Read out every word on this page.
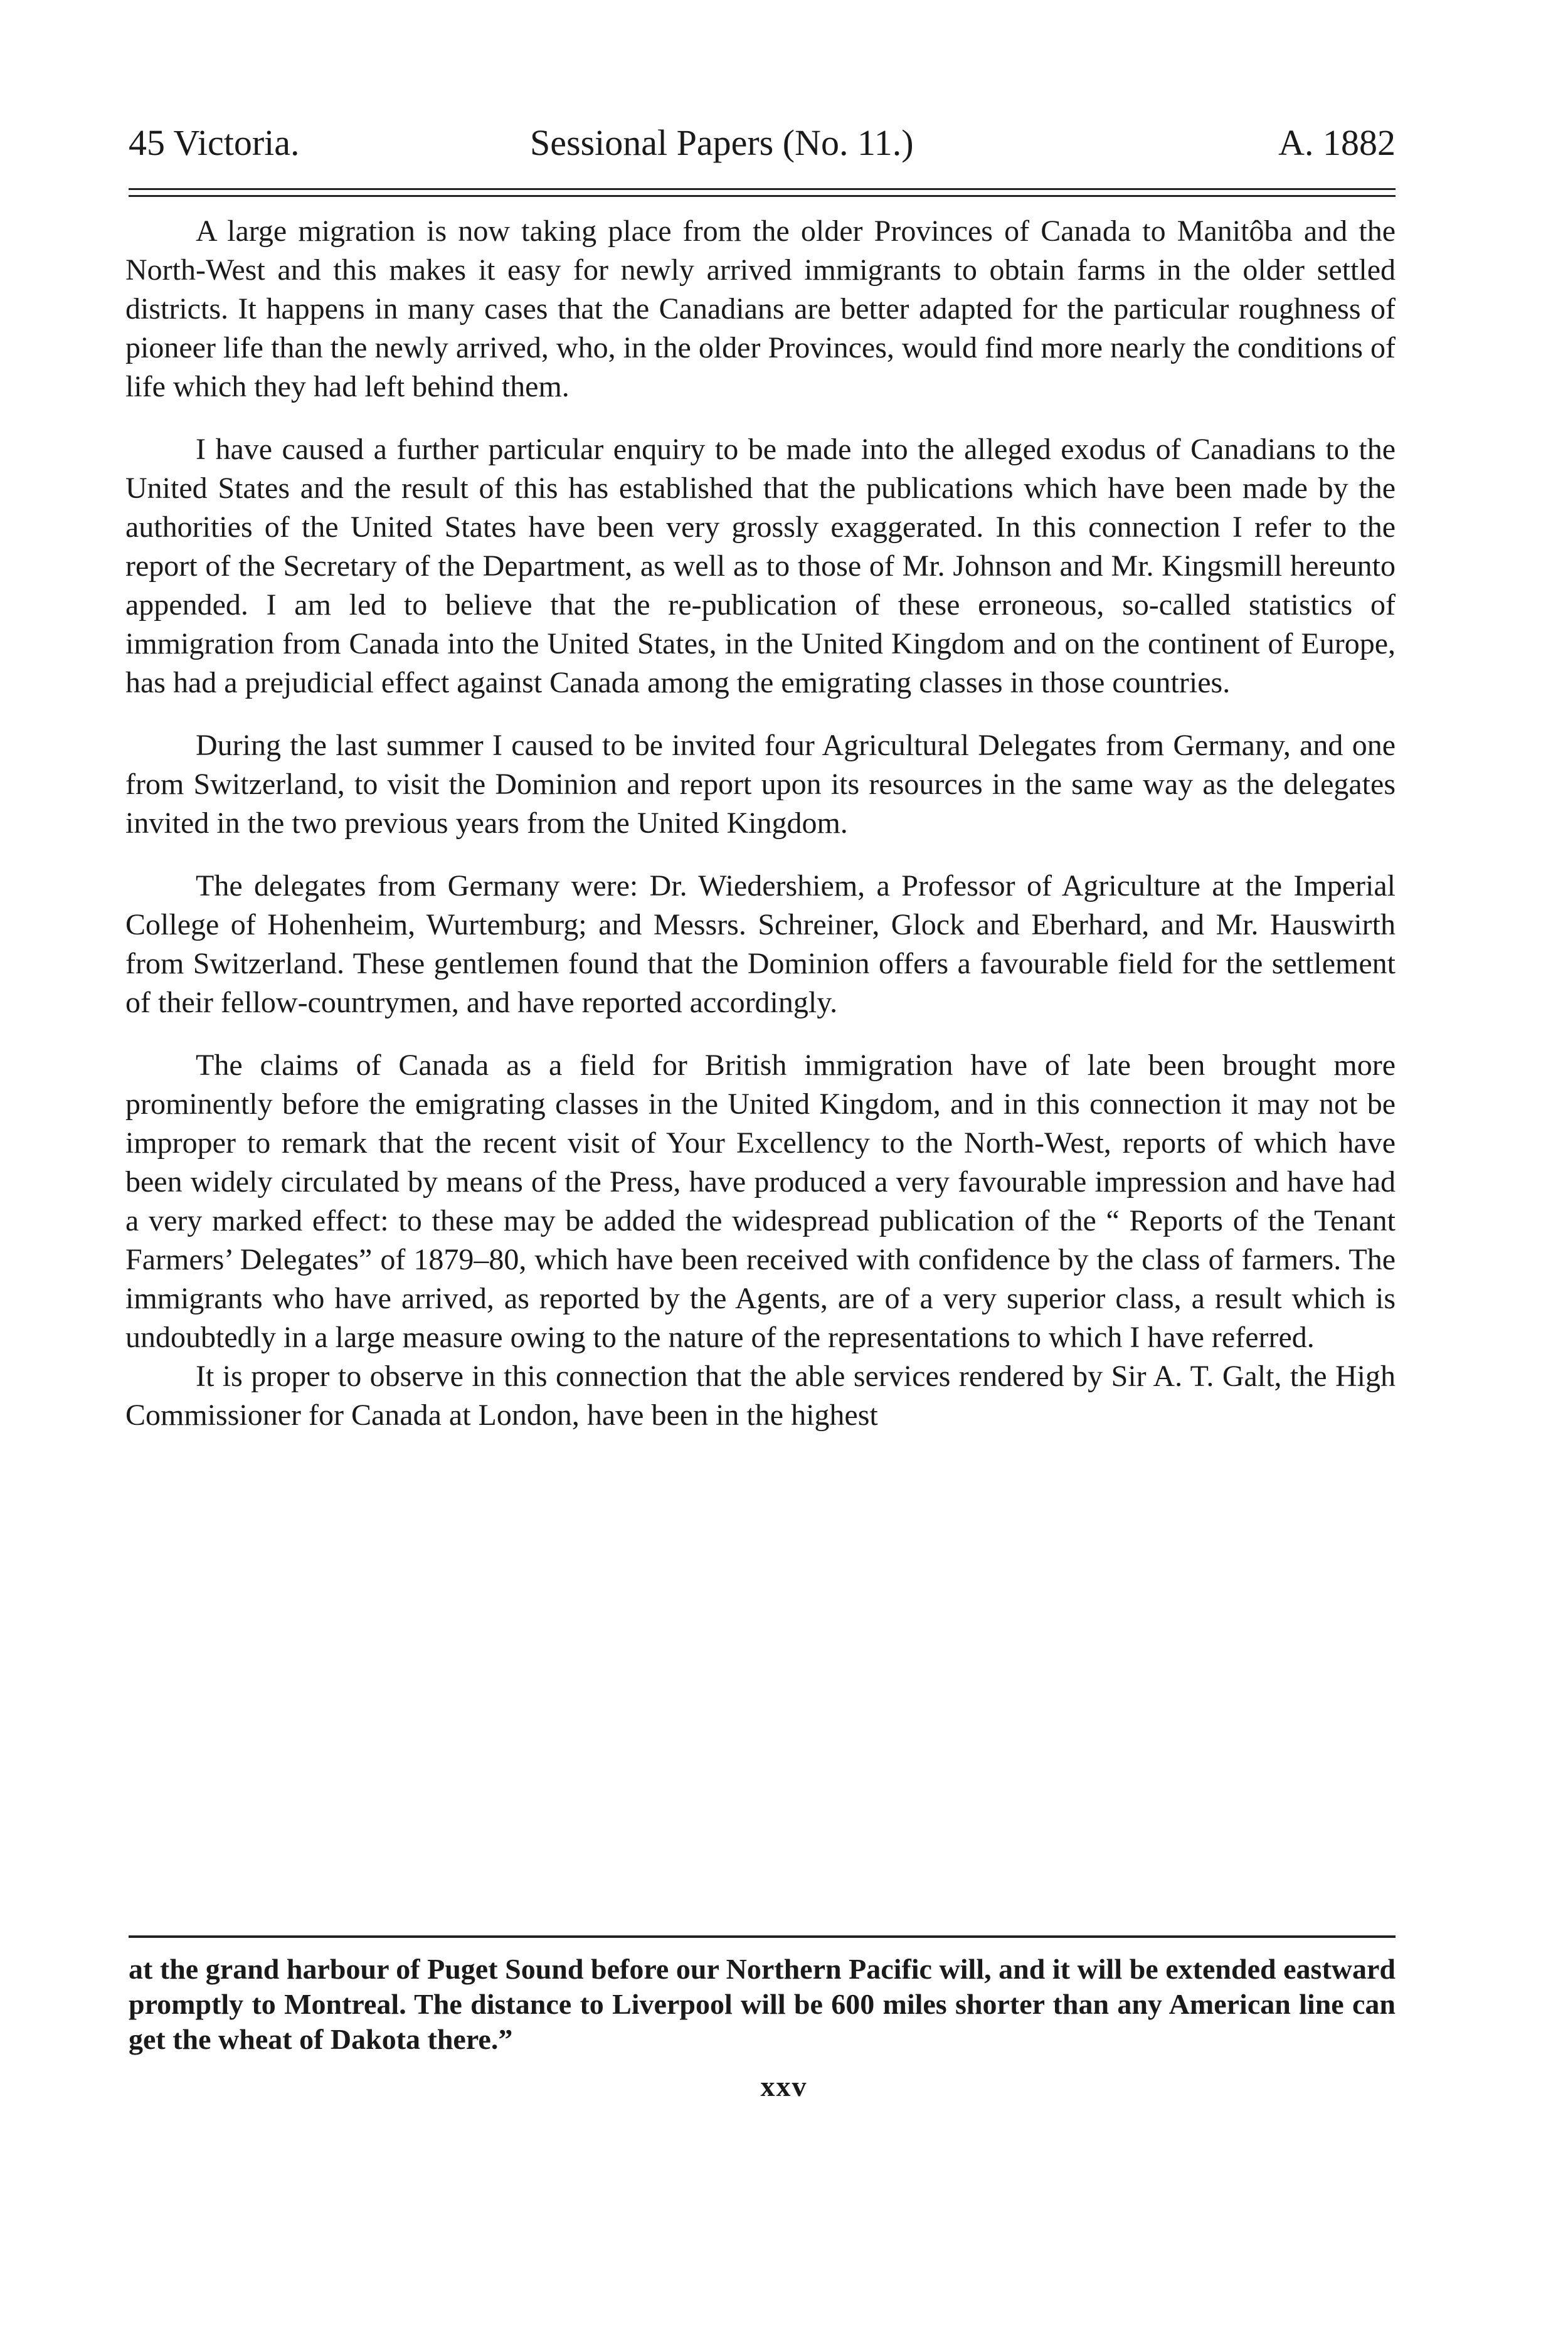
45 Victoria.	Sessional Papers (No. 11.)	A. 1882

A large migration is now taking place from the older Provinces of Canada to Manitôba and the North-West and this makes it easy for newly arrived immigrants to obtain farms in the older settled districts. It happens in many cases that the Canadians are better adapted for the particular roughness of pioneer life than the newly arrived, who, in the older Provinces, would find more nearly the conditions of life which they had left behind them.

I have caused a further particular enquiry to be made into the alleged exodus of Canadians to the United States and the result of this has established that the publications which have been made by the authorities of the United States have been very grossly exaggerated. In this connection I refer to the report of the Secretary of the Department, as well as to those of Mr. Johnson and Mr. Kingsmill hereunto appended. I am led to believe that the re-publication of these erroneous, so-called statistics of immigration from Canada into the United States, in the United Kingdom and on the continent of Europe, has had a prejudicial effect against Canada among the emigrating classes in those countries.

During the last summer I caused to be invited four Agricultural Delegates from Germany, and one from Switzerland, to visit the Dominion and report upon its resources in the same way as the delegates invited in the two previous years from the United Kingdom.

The delegates from Germany were: Dr. Wiedershiem, a Professor of Agriculture at the Imperial College of Hohenheim, Wurtemburg; and Messrs. Schreiner, Glock and Eberhard, and Mr. Hauswirth from Switzerland. These gentlemen found that the Dominion offers a favourable field for the settlement of their fellow-countrymen, and have reported accordingly.

The claims of Canada as a field for British immigration have of late been brought more prominently before the emigrating classes in the United Kingdom, and in this connection it may not be improper to remark that the recent visit of Your Excellency to the North-West, reports of which have been widely circulated by means of the Press, have produced a very favourable impression and have had a very marked effect: to these may be added the widespread publication of the “ Reports of the Tenant Farmers’ Delegates” of 1879–80, which have been received with confidence by the class of farmers. The immigrants who have arrived, as reported by the Agents, are of a very superior class, a result which is undoubtedly in a large measure owing to the nature of the representations to which I have referred.

It is proper to observe in this connection that the able services rendered by Sir A. T. Galt, the High Commissioner for Canada at London, have been in the highest

at the grand harbour of Puget Sound before our Northern Pacific will, and it will be extended eastward promptly to Montreal. The distance to Liverpool will be 600 miles shorter than any American line can get the wheat of Dakota there.”

xxv
